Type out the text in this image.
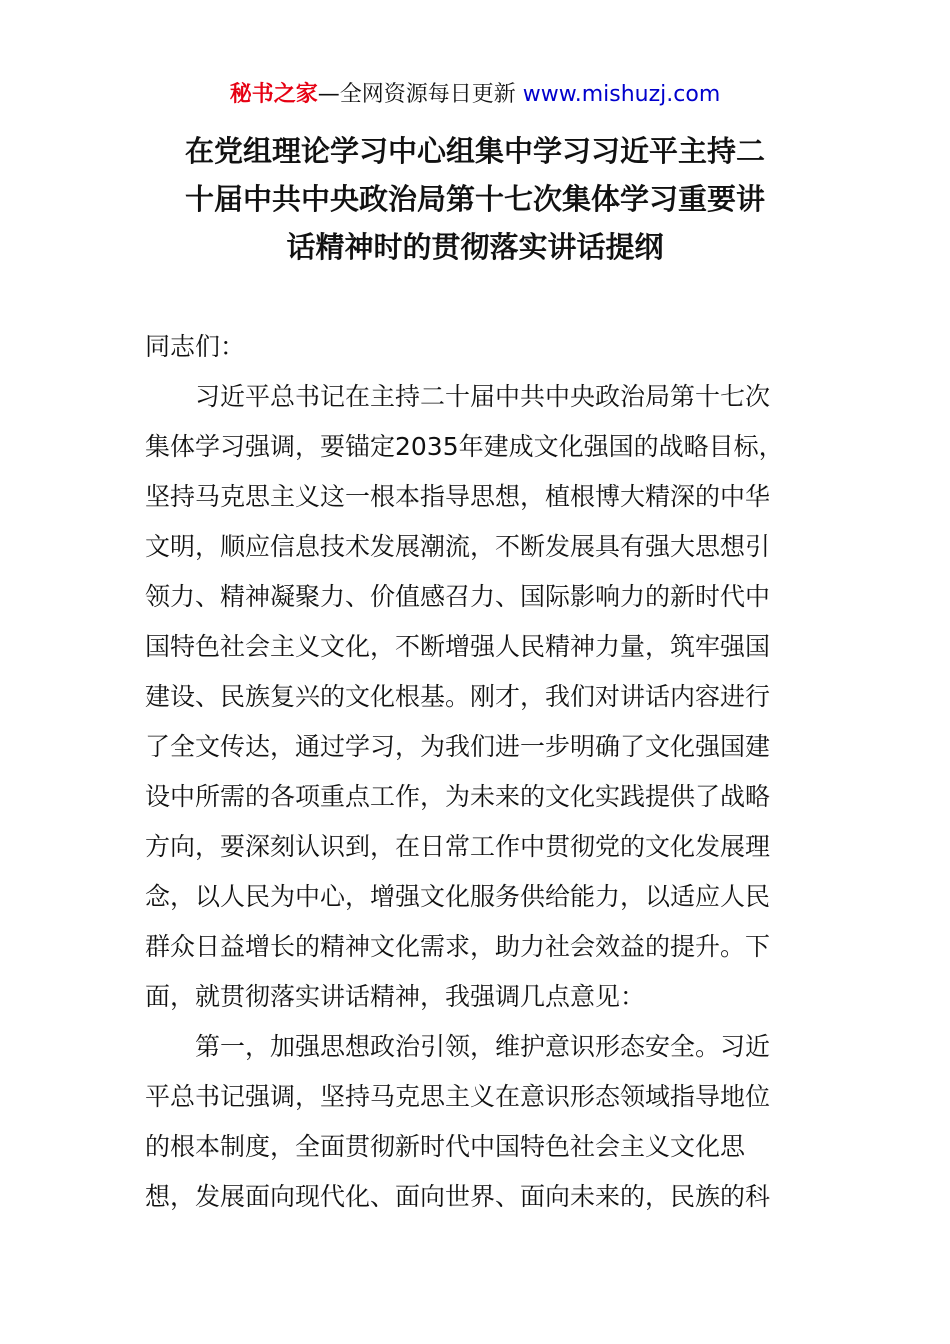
秘书之家—全网资源每日更新 www.mishuzj.com
在党组理论学习中心组集中学习习近平主持二
十届中共中央政治局第十七次集体学习重要讲
话精神时的贯彻落实讲话提纲
同志们：
习近平总书记在主持二十届中共中央政治局第十七次
集体学习强调，要锚定2035年建成文化强国的战略目标，
坚持马克思主义这一根本指导思想，植根博大精深的中华
文明，顺应信息技术发展潮流，不断发展具有强大思想引
领力、精神凝聚力、价值感召力、国际影响力的新时代中
国特色社会主义文化，不断增强人民精神力量，筑牢强国
建设、民族复兴的文化根基。刚才，我们对讲话内容进行
了全文传达，通过学习，为我们进一步明确了文化强国建
设中所需的各项重点工作，为未来的文化实践提供了战略
方向，要深刻认识到，在日常工作中贯彻党的文化发展理
念，以人民为中心，增强文化服务供给能力，以适应人民
群众日益增长的精神文化需求，助力社会效益的提升。下
面，就贯彻落实讲话精神，我强调几点意见：
第一，加强思想政治引领，维护意识形态安全。习近
平总书记强调，坚持马克思主义在意识形态领域指导地位
的根本制度，全面贯彻新时代中国特色社会主义文化思
想，发展面向现代化、面向世界、面向未来的，民族的科
